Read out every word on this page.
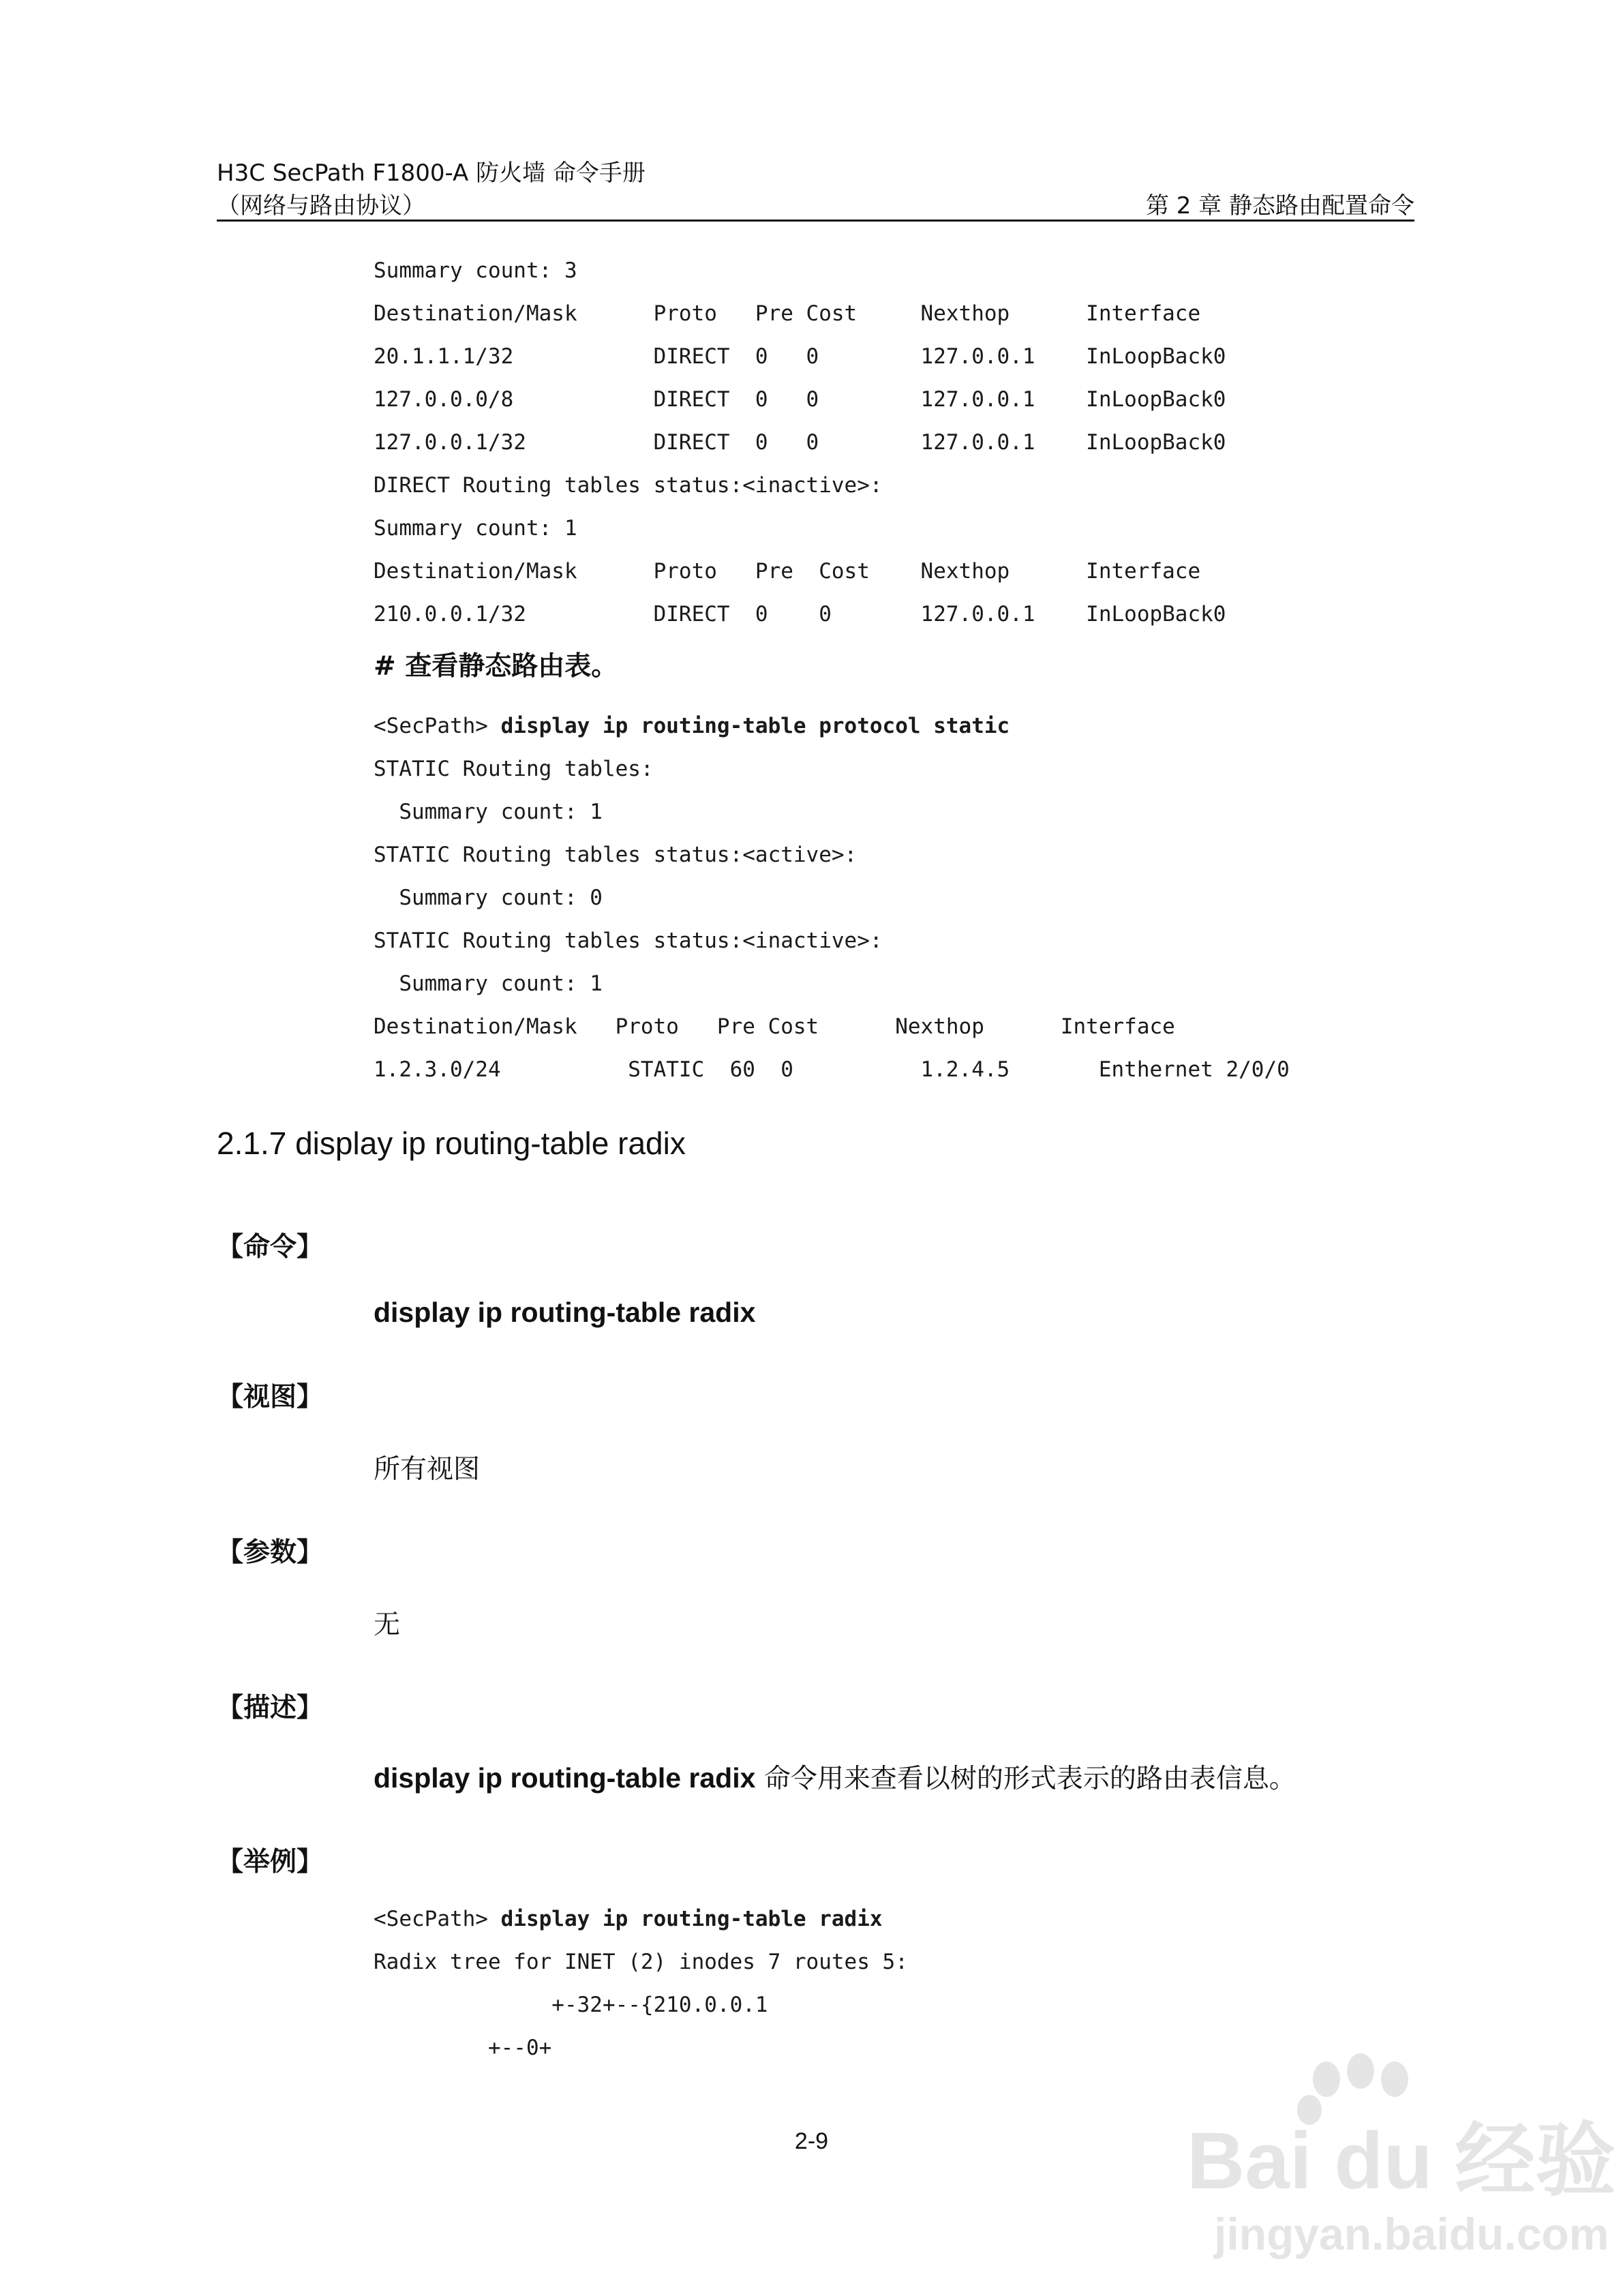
H3C SecPath F1800-A 防火墙 命令手册
（网络与路由协议）	第 2 章 静态路由配置命令
Summary count: 3
Destination/Mask      Proto   Pre Cost     Nexthop      Interface
20.1.1.1/32           DIRECT  0   0        127.0.0.1    InLoopBack0
127.0.0.0/8           DIRECT  0   0        127.0.0.1    InLoopBack0
127.0.0.1/32          DIRECT  0   0        127.0.0.1    InLoopBack0
DIRECT Routing tables status:<inactive>:
Summary count: 1
Destination/Mask      Proto   Pre  Cost    Nexthop      Interface
210.0.0.1/32          DIRECT  0    0       127.0.0.1    InLoopBack0
# 查看静态路由表。
<SecPath> display ip routing-table protocol static
STATIC Routing tables:
Summary count: 1
STATIC Routing tables status:<active>:
Summary count: 0
STATIC Routing tables status:<inactive>:
Summary count: 1
Destination/Mask   Proto   Pre Cost      Nexthop      Interface
1.2.3.0/24          STATIC  60  0          1.2.4.5       Enthernet 2/0/0
2.1.7 display ip routing-table radix
【命令】
display ip routing-table radix
【视图】
所有视图
【参数】
无
【描述】
display ip routing-table radix 命令用来查看以树的形式表示的路由表信息。
【举例】
<SecPath> display ip routing-table radix
Radix tree for INET (2) inodes 7 routes 5:
+-32+--{210.0.0.1
+--0+
2-9	Bai du 经验
jingyan.baidu.com
